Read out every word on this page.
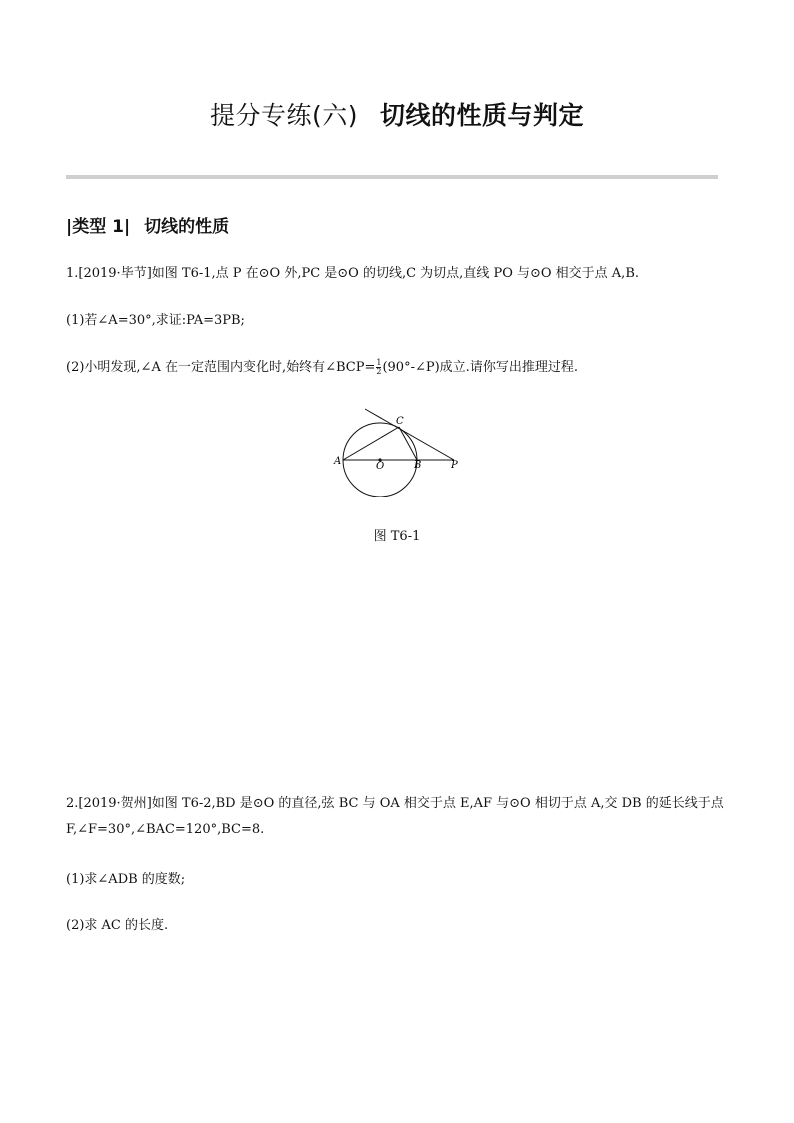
提分专练(六) 切线的性质与判定
|类型 1| 切线的性质
1.[2019·毕节]如图 T6-1,点 P 在⊙O 外,PC 是⊙O 的切线,C 为切点,直线 PO 与⊙O 相交于点 A,B.
(1)若∠A=30°,求证:PA=3PB;
(2)小明发现,∠A 在一定范围内变化时,始终有∠BCP= $\frac{1}{2}$ (90°-∠P)成立.请你写出推理过程.
A	O	B	P
C
图 T6-1
2.[2019·贺州]如图 T6-2,BD 是⊙O 的直径,弦 BC 与 OA 相交于点 E,AF 与⊙O 相切于点 A,交 DB 的延长线于点
F,∠F=30°,∠BAC=120°,BC=8.
(1)求∠ADB 的度数;
(2)求 AC 的长度.
